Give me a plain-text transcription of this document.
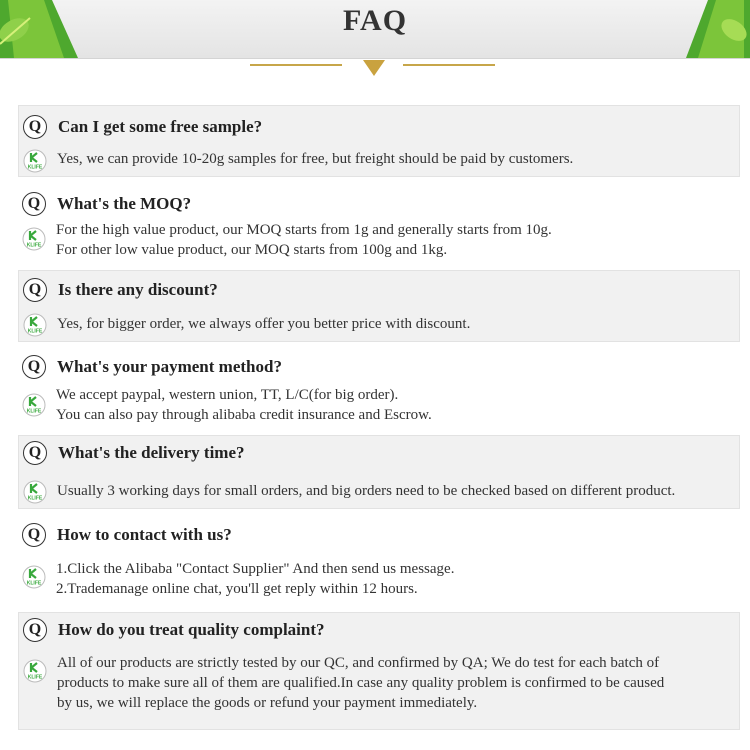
FAQ
Q Can I get some free sample?
KLIFE
Yes, we can provide 10-20g samples for free, but freight should be paid by customers.
Q What's the MOQ?
KLIFE
For the high value product, our MOQ starts from 1g and generally starts from 10g.
For other low value product, our MOQ starts from 100g and 1kg.
Q Is there any discount?
KLIFE Yes, for bigger order, we always offer you better price with discount.
Q What's your payment method?
KLIFE
We accept paypal, western union, TT, L/C(for big order).
You can also pay through alibaba credit insurance and Escrow.
Q What's the delivery time?
KLIFE Usually 3 working days for small orders, and big orders need to be checked based on different product.
Q How to contact with us?
KLIFE
1.Click the Alibaba "Contact Supplier" And then send us message.
2.Trademanage online chat, you'll get reply within 12 hours.
Q How do you treat quality complaint?
KLIFE
All of our products are strictly tested by our QC, and confirmed by QA; We do test for each batch of
products to make sure all of them are qualified.In case any quality problem is confirmed to be caused
by us, we will replace the goods or refund your payment immediately.
